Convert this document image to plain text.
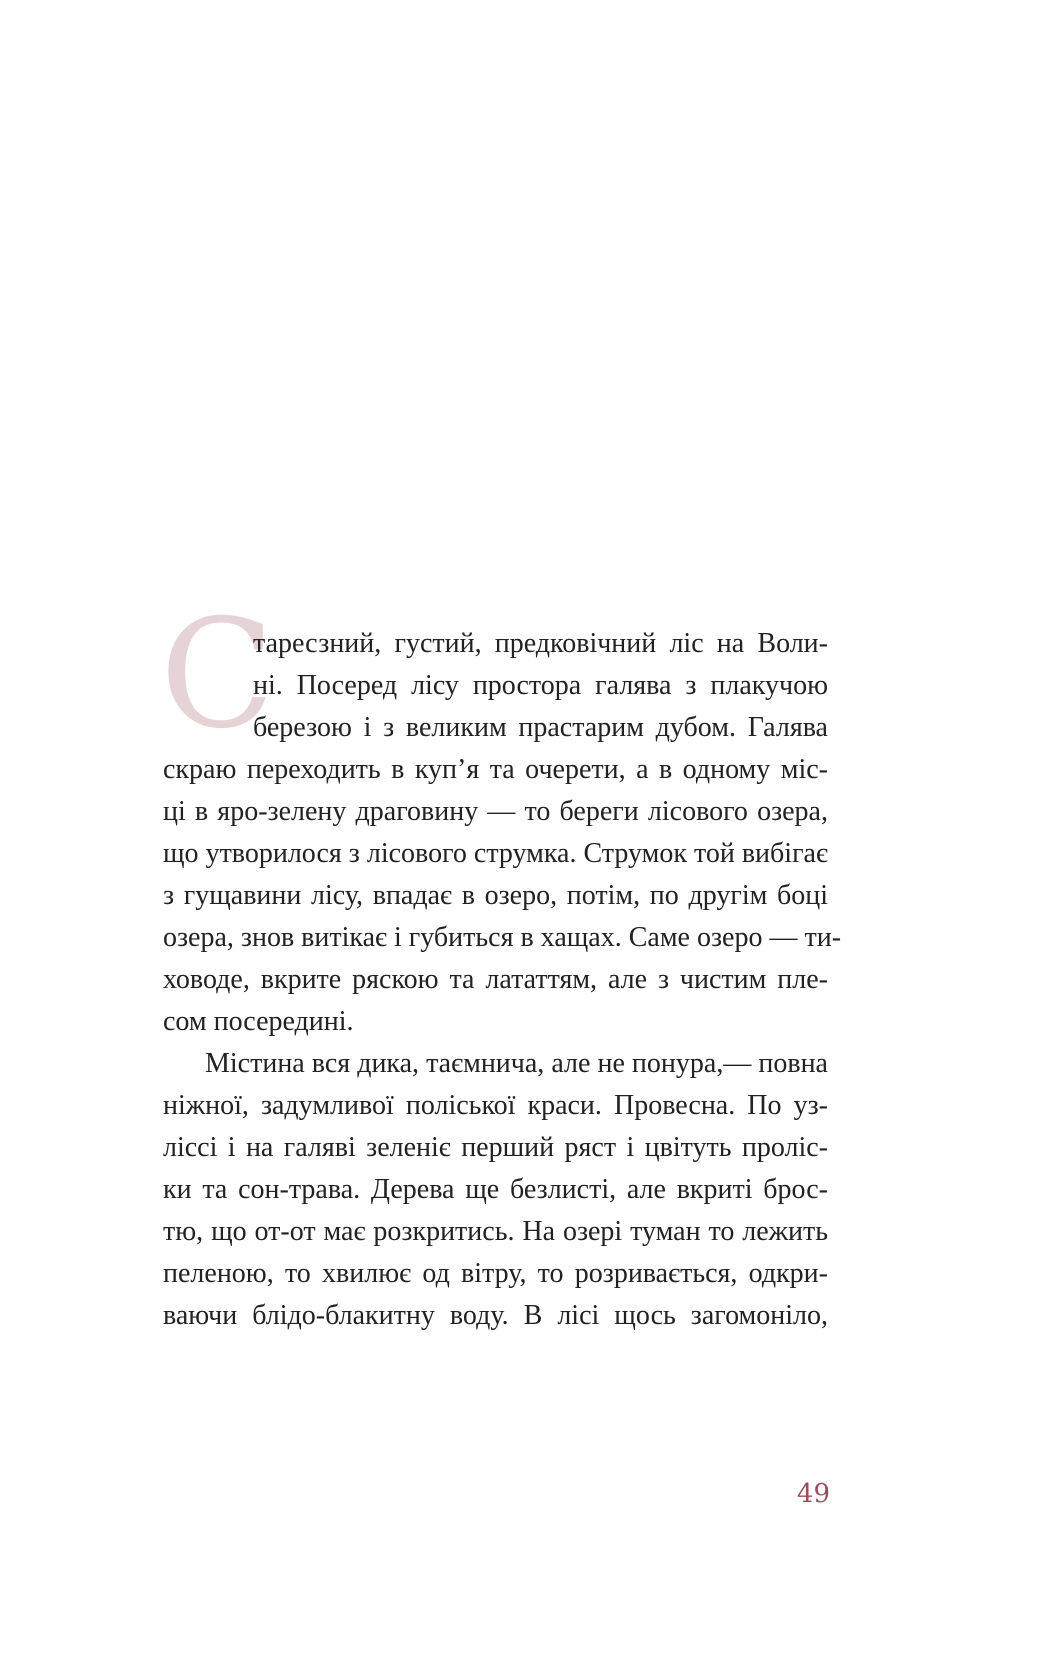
С
таресзний, густий, предковічний ліс на Воли-
ні. Посеред лісу простора галява з плакучою
березою і з великим прастарим дубом. Галява
скраю переходить в куп’я та очерети, а в одному міс-
ці в яро-зелену драговину — то береги лісового озера,
що утворилося з лісового струмка. Струмок той вибігає
з гущавини лісу, впадає в озеро, потім, по другім боці
озера, знов витікає і губиться в хащах. Саме озеро — ти-
ховоде, вкрите ряскою та лататтям, але з чистим пле-
сом посередині.
Містина вся дика, таємнича, але не понура,— повна
ніжної, задумливої поліської краси. Провесна. По уз-
ліссі і на галяві зеленіє перший ряст і цвітуть проліс-
ки та сон-трава. Дерева ще безлисті, але вкриті брос-
тю, що от-от має розкритись. На озері туман то лежить
пеленою, то хвилює од вітру, то розривається, одкри-
ваючи блідо-блакитну воду. В лісі щось загомоніло,
49
